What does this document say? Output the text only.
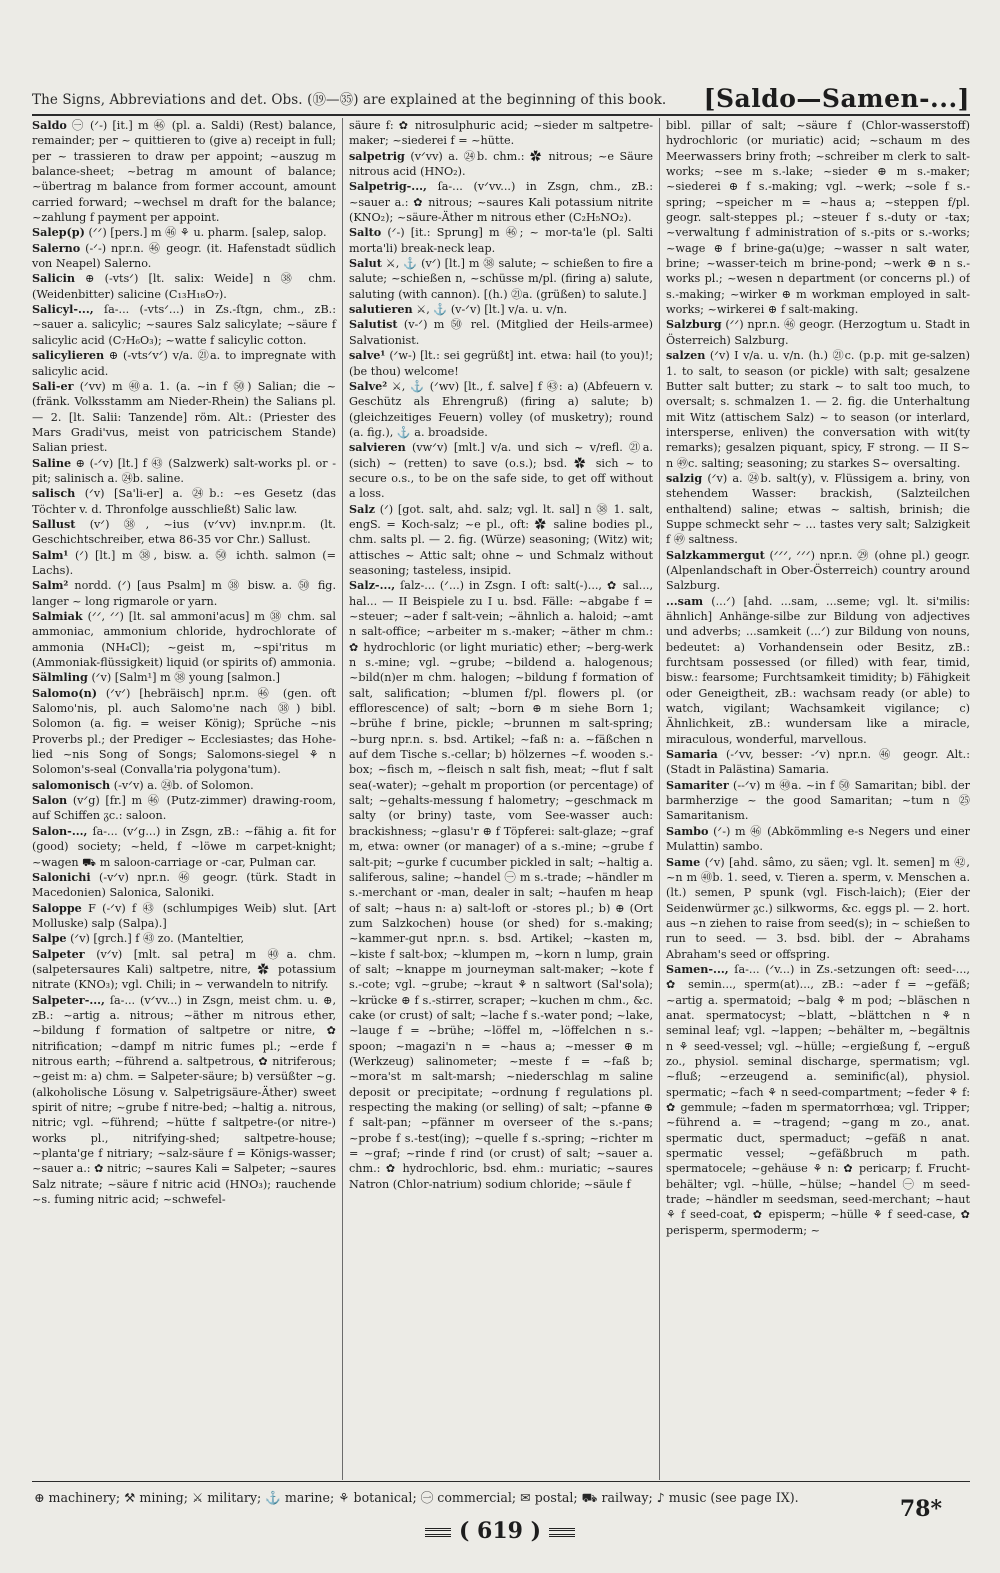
The Signs, Abbreviations and det. Obs. (⑲—㉟) are explained at the beginning of this book. [Saldo—Samen-...]

Saldo ㊀ (ᐟ-) [it.] m ㊻ (pl. a. Saldi) (Rest) balance, remainder; per ~ quittieren to (give a) receipt in full; per ~ trassieren to draw per appoint; ~auszug m balance-sheet; ~betrag m amount of balance; ~übertrag m balance from former account, amount carried forward; ~wechsel m draft for the balance; ~zahlung f payment per appoint.

Salep(p) (ᐟᐟ) [pers.] m ㊻ ⚘ u. pharm. [salep, salop.

Salerno (-ᐟ-) npr.n. ㊻ geogr. (it. Hafenstadt südlich von Neapel) Salerno.

Salicin ⊕ (-vtsᐟ) [lt. salix: Weide] n ㊳ chm. (Weidenbitter) salicine (C₁₃H₁₈O₇).

Salicyl-..., ſa-... (-vtsᐟ...) in Zs.-ſtgn, chm., zB.: ~sauer a. salicylic; ~saures Salz salicylate; ~säure f salicylic acid (C₇H₆O₃); ~watte f salicylic cotton.

salicylieren ⊕ (-vtsᐟvᐟ) v/a. ㉑a. to impregnate with salicylic acid.

Sali-er (ᐟvv) m ㊵a. 1. (a. ~in f ㊿) Salian; die ~ (fränk. Volksstamm am Nieder-Rhein) the Salians pl. — 2. [lt. Salii: Tanzende] röm. Alt.: (Priester des Mars Gradi'vus, meist von patricischem Stande) Salian priest.

Saline ⊕ (-ᐟv) [lt.] f ㊸ (Salzwerk) salt-works pl. or -pit; salinisch a. ㉔b. saline.

salisch (ᐟv) [Sa'li-er] a. ㉔b.: ~es Gesetz (das Töchter v. d. Thronfolge ausschließt) Salic law.

Sallust (vᐟ) ㊳, ~ius (vᐟvv) inv.npr.m. (lt. Geschichtschreiber, etwa 86-35 vor Chr.) Sallust.

Salm¹ (ᐟ) [lt.] m ㊳, bisw. a. ㊿ ichth. salmon (= Lachs).

Salm² nordd. (ᐟ) [aus Psalm] m ㊳ bisw. a. ㊿ fig. langer ~ long rigmarole or yarn.

Salmiak (ᐟᐟ, ᐟᐟ) [lt. sal ammoni'acus] m ㊳ chm. sal ammoniac, ammonium chloride, hydrochlorate of ammonia (NH₄Cl); ~geist m, ~spi'ritus m (Ammoniak-flüssigkeit) liquid (or spirits of) ammonia.

Sälmling (ᐟv) [Salm¹] m ㊳ young [salmon.]

Salomo(n) (ᐟvᐟ) [hebräisch] npr.m. ㊻ (gen. oft Salomo'nis, pl. auch Salomo'ne nach ㊳) bibl. Solomon (a. fig. = weiser König); Sprüche ~nis Proverbs pl.; der Prediger ~ Ecclesiastes; das Hohe-lied ~nis Song of Songs; Salomons-siegel ⚘ n Solomon's-seal (Convalla'ria polygona'tum).

salomonisch (-vᐟv) a. ㉔b. of Solomon.

Salon (vᐟg) [fr.] m ㊻ (Putz-zimmer) drawing-room, auf Schiffen ᵹc.: saloon.

Salon-..., ſa-... (vᐟg...) in Zsgn, zB.: ~fähig a. fit for (good) society; ~held, f ~löwe m carpet-knight; ~wagen ⛟ m saloon-carriage or -car, Pulman car.

Salonichi (-vᐟv) npr.n. ㊻ geogr. (türk. Stadt in Macedonien) Salonica, Saloniki.

Saloppe F (-ᐟv) f ㊸ (schlumpiges Weib) slut. [Art Molluske) salp (Salpa).]

Salpe (ᐟv) [grch.] f ㊸ zo. (Manteltier,

Salpeter (vᐟv) [mlt. sal petra] m ㊵a. chm. (salpetersaures Kali) saltpetre, nitre, ✿ potassium nitrate (KNO₃); vgl. Chili; in ~ verwandeln to nitrify.

Salpeter-..., ſa-... (vᐟvv...) in Zsgn, meist chm. u. ⊕, zB.: ~artig a. nitrous; ~äther m nitrous ether, ~bildung f formation of saltpetre or nitre, ✿ nitrification; ~dampf m nitric fumes pl.; ~erde f nitrous earth; ~führend a. saltpetrous, ✿ nitriferous; ~geist m: a) chm. = Salpeter-säure; b) versüßter ~g. (alkoholische Lösung v. Salpetrigsäure-Äther) sweet spirit of nitre; ~grube f nitre-bed; ~haltig a. nitrous, nitric; vgl. ~führend; ~hütte f saltpetre-(or nitre-) works pl., nitrifying-shed; saltpetre-house; ~planta'ge f nitriary; ~salz-säure f = Königs-wasser; ~sauer a.: ✿ nitric; ~saures Kali = Salpeter; ~saures Salz nitrate; ~säure f nitric acid (HNO₃); rauchende ~s. fuming nitric acid; ~schwefel-

säure f: ✿ nitrosulphuric acid; ~sieder m saltpetre-maker; ~siederei f = ~hütte.

salpetrig (vᐟvv) a. ㉔b. chm.: ✿ nitrous; ~e Säure nitrous acid (HNO₂).

Salpetrig-..., ſa-... (vᐟvv...) in Zsgn, chm., zB.: ~sauer a.: ✿ nitrous; ~saures Kali potassium nitrite (KNO₂); ~säure-Äther m nitrous ether (C₂H₅NO₂).

Salto (ᐟ-) [it.: Sprung] m ㊻; ~ mor-ta'le (pl. Salti morta'li) break-neck leap.

Salut ⚔, ⚓ (vᐟ) [lt.] m ㊳ salute; ~ schießen to fire a salute; ~schießen n, ~schüsse m/pl. (firing a) salute, saluting (with cannon). [(h.) ㉑a. (grüßen) to salute.]

salutieren ⚔, ⚓ (v-ᐟv) [lt.] v/a. u. v/n.

Salutist (v-ᐟ) m ㊿ rel. (Mitglied der Heils-armee) Salvationist.

salve¹ (ᐟw-) [lt.: sei gegrüßt] int. etwa: hail (to you)!; (be thou) welcome!

Salve² ⚔, ⚓ (ᐟwv) [lt., f. salve] f ㊸: a) (Abfeuern v. Geschütz als Ehrengruß) (firing a) salute; b) (gleichzeitiges Feuern) volley (of musketry); round (a. fig.), ⚓ a. broadside.

salvieren (vwᐟv) [mlt.] v/a. und sich ~ v/refl. ㉑a. (sich) ~ (retten) to save (o.s.); bsd. ✿ sich ~ to secure o.s., to be on the safe side, to get off without a loss.

Salz (ᐟ) [got. salt, ahd. salz; vgl. lt. sal] n ㊳ 1. salt, engS. = Koch-salz; ~e pl., oft: ✿ saline bodies pl., chm. salts pl. — 2. fig. (Würze) seasoning; (Witz) wit; attisches ~ Attic salt; ohne ~ und Schmalz without seasoning; tasteless, insipid.

Salz-..., ſalz-... (ᐟ...) in Zsgn. I oft: salt(-)..., ✿ sal..., hal... — II Beispiele zu I u. bsd. Fälle: ~abgabe f = ~steuer; ~ader f salt-vein; ~ähnlich a. haloid; ~amt n salt-office; ~arbeiter m s.-maker; ~äther m chm.: ✿ hydrochloric (or light muriatic) ether; ~berg-werk n s.-mine; vgl. ~grube; ~bildend a. halogenous; ~bild(n)er m chm. halogen; ~bildung f formation of salt, salification; ~blumen f/pl. flowers pl. (or efflorescence) of salt; ~born ⊕ m siehe Born 1; ~brühe f brine, pickle; ~brunnen m salt-spring; ~burg npr.n. s. bsd. Artikel; ~faß n: a. ~fäßchen n auf dem Tische s.-cellar; b) hölzernes ~f. wooden s.-box; ~fisch m, ~fleisch n salt fish, meat; ~flut f salt sea(-water); ~gehalt m proportion (or percentage) of salt; ~gehalts-messung f halometry; ~geschmack m salty (or briny) taste, vom See-wasser auch: brackishness; ~glasu'r ⊕ f Töpferei: salt-glaze; ~graf m, etwa: owner (or manager) of a s.-mine; ~grube f salt-pit; ~gurke f cucumber pickled in salt; ~haltig a. saliferous, saline; ~handel ㊀ m s.-trade; ~händler m s.-merchant or -man, dealer in salt; ~haufen m heap of salt; ~haus n: a) salt-loft or -stores pl.; b) ⊕ (Ort zum Salzkochen) house (or shed) for s.-making; ~kammer-gut npr.n. s. bsd. Artikel; ~kasten m, ~kiste f salt-box; ~klumpen m, ~korn n lump, grain of salt; ~knappe m journeyman salt-maker; ~kote f s.-cote; vgl. ~grube; ~kraut ⚘ n saltwort (Sal'sola); ~krücke ⊕ f s.-stirrer, scraper; ~kuchen m chm., &c. cake (or crust) of salt; ~lache f s.-water pond; ~lake, ~lauge f = ~brühe; ~löffel m, ~löffelchen n s.-spoon; ~magazi'n n = ~haus a; ~messer ⊕ m (Werkzeug) salinometer; ~meste f = ~faß b; ~mora'st m salt-marsh; ~niederschlag m saline deposit or precipitate; ~ordnung f regulations pl. respecting the making (or selling) of salt; ~pfanne ⊕ f salt-pan; ~pfänner m overseer of the s.-pans; ~probe f s.-test(ing); ~quelle f s.-spring; ~richter m = ~graf; ~rinde f rind (or crust) of salt; ~sauer a. chm.: ✿ hydrochloric, bsd. ehm.: muriatic; ~saures Natron (Chlor-natrium) sodium chloride; ~säule f

bibl. pillar of salt; ~säure f (Chlor-wasserstoff) hydrochloric (or muriatic) acid; ~schaum m des Meerwassers briny froth; ~schreiber m clerk to salt-works; ~see m s.-lake; ~sieder ⊕ m s.-maker; ~siederei ⊕ f s.-making; vgl. ~werk; ~sole f s.-spring; ~speicher m = ~haus a; ~steppen f/pl. geogr. salt-steppes pl.; ~steuer f s.-duty or -tax; ~verwaltung f administration of s.-pits or s.-works; ~wage ⊕ f brine-ga(u)ge; ~wasser n salt water, brine; ~wasser-teich m brine-pond; ~werk ⊕ n s.-works pl.; ~wesen n department (or concerns pl.) of s.-making; ~wirker ⊕ m workman employed in salt-works; ~wirkerei ⊕ f salt-making.

Salzburg (ᐟᐟ) npr.n. ㊻ geogr. (Herzogtum u. Stadt in Österreich) Salzburg.

salzen (ᐟv) I v/a. u. v/n. (h.) ㉑c. (p.p. mit ge-salzen) 1. to salt, to season (or pickle) with salt; gesalzene Butter salt butter; zu stark ~ to salt too much, to oversalt; s. schmalzen 1. — 2. fig. die Unterhaltung mit Witz (attischem Salz) ~ to season (or interlard, intersperse, enliven) the conversation with wit(ty remarks); gesalzen piquant, spicy, F strong. — II S~ n ㊾c. salting; seasoning; zu starkes S~ oversalting.

salzig (ᐟv) a. ㉔b. salt(y), v. Flüssigem a. briny, von stehendem Wasser: brackish, (Salzteilchen enthaltend) saline; etwas ~ saltish, brinish; die Suppe schmeckt sehr ~ ... tastes very salt; Salzigkeit f ㊾ saltness.

Salzkammergut (ᐟᐟᐟ, ᐟᐟᐟ) npr.n. ㉙ (ohne pl.) geogr. (Alpenlandschaft in Ober-Österreich) country around Salzburg.

...sam (...ᐟ) [ahd. ...sam, ...seme; vgl. lt. si'milis: ähnlich] Anhänge-silbe zur Bildung von adjectives und adverbs; ...samkeit (...ᐟ) zur Bildung von nouns, bedeutet: a) Vorhandensein oder Besitz, zB.: furchtsam possessed (or filled) with fear, timid, bisw.: fearsome; Furchtsamkeit timidity; b) Fähigkeit oder Geneigtheit, zB.: wachsam ready (or able) to watch, vigilant; Wachsamkeit vigilance; c) Ähnlichkeit, zB.: wundersam like a miracle, miraculous, wonderful, marvellous.

Samaria (-ᐟvv, besser: -ᐟv) npr.n. ㊻ geogr. Alt.: (Stadt in Palästina) Samaria.

Samariter (--ᐟv) m ㊵a. ~in f ㊿ Samaritan; bibl. der barmherzige ~ the good Samaritan; ~tum n ㉕ Samaritanism.

Sambo (ᐟ-) m ㊻ (Abkömmling e-s Negers und einer Mulattin) sambo.

Same (ᐟv) [ahd. sâmo, zu säen; vgl. lt. semen] m ㊷, ~n m ㊵b. 1. seed, v. Tieren a. sperm, v. Menschen a. (lt.) semen, P spunk (vgl. Fisch-laich); (Eier der Seidenwürmer ᵹc.) silkworms, &c. eggs pl. — 2. hort. aus ~n ziehen to raise from seed(s); in ~ schießen to run to seed. — 3. bsd. bibl. der ~ Abrahams Abraham's seed or offspring.

Samen-..., ſa-... (ᐟv...) in Zs.-setzungen oft: seed-..., ✿ semin..., sperm(at)..., zB.: ~ader f = ~gefäß; ~artig a. spermatoid; ~balg ⚘ m pod; ~bläschen n anat. spermatocyst; ~blatt, ~blättchen n ⚘ n seminal leaf; vgl. ~lappen; ~behälter m, ~begältnis n ⚘ seed-vessel; vgl. ~hülle; ~ergießung f, ~erguß zo., physiol. seminal discharge, spermatism; vgl. ~fluß; ~erzeugend a. seminific(al), physiol. spermatic; ~fach ⚘ n seed-compartment; ~feder ⚘ f: ✿ gemmule; ~faden m spermatorrhœa; vgl. Tripper; ~führend a. = ~tragend; ~gang m zo., anat. spermatic duct, spermaduct; ~gefäß n anat. spermatic vessel; ~gefäßbruch m path. spermatocele; ~gehäuse ⚘ n: ✿ pericarp; f. Frucht-behälter; vgl. ~hülle, ~hülse; ~handel ㊀ m seed-trade; ~händler m seedsman, seed-merchant; ~haut ⚘ f seed-coat, ✿ episperm; ~hülle ⚘ f seed-case, ✿ perisperm, spermoderm; ~

⊕ machinery; ⚒ mining; ⚔ military; ⚓ marine; ⚘ botanical; ㊀ commercial; ✉ postal; ⛟ railway; ♪ music (see page IX).
( 619 )
78*
